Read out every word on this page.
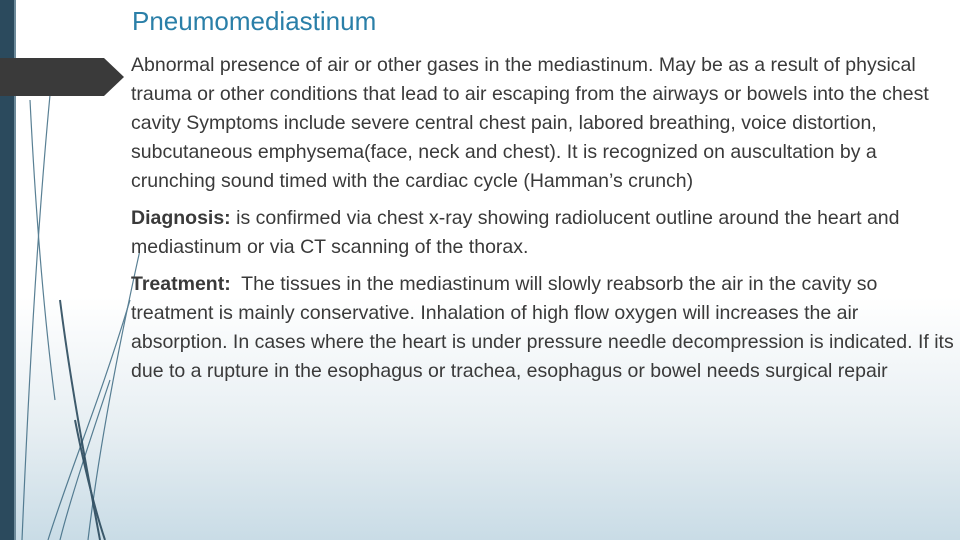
Pneumomediastinum

Abnormal presence of air or other gases in the mediastinum. May be as a result of physical trauma or other conditions that lead to air escaping from the airways or bowels into the chest cavity Symptoms include severe central chest pain, labored breathing, voice distortion, subcutaneous emphysema(face, neck and chest). It is recognized on auscultation by a crunching sound timed with the cardiac cycle (Hamman’s crunch)

Diagnosis: is confirmed via chest x-ray showing radiolucent outline around the heart and mediastinum or via CT scanning of the thorax.

Treatment:  The tissues in the mediastinum will slowly reabsorb the air in the cavity so treatment is mainly conservative. Inhalation of high flow oxygen will increases the air absorption. In cases where the heart is under pressure needle decompression is indicated. If its due to a rupture in the esophagus or trachea, esophagus or bowel needs surgical repair
